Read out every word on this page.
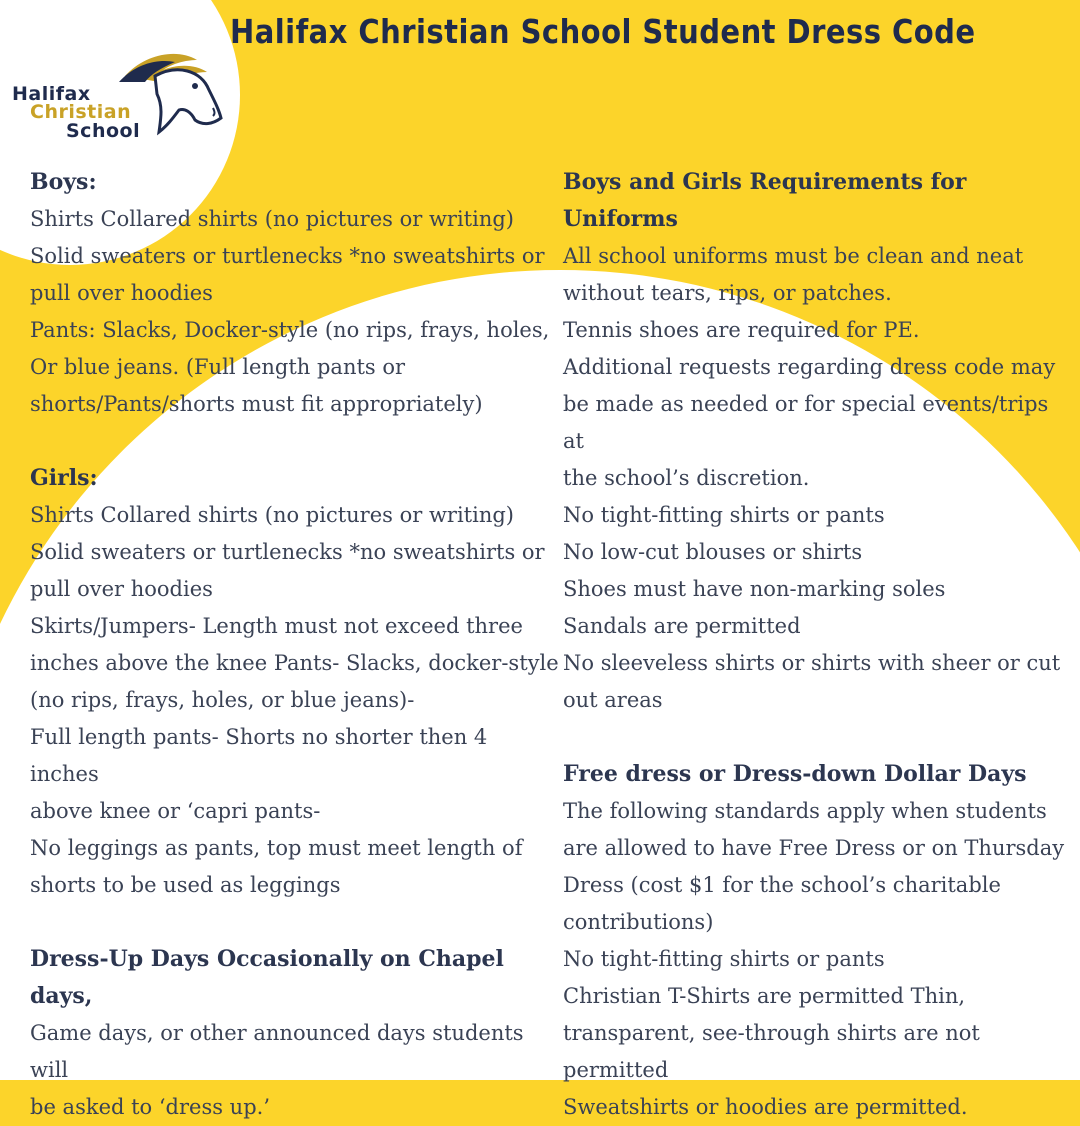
Halifax Christian School Student Dress Code
Halifax
Christian
School

Boys:

Shirts Collared shirts (no pictures or writing)

Solid sweaters or turtlenecks *no sweatshirts or

pull over hoodies

Pants: Slacks, Docker-style (no rips, frays, holes,

Or blue jeans. (Full length pants or

shorts/Pants/shorts must fit appropriately)

Girls:

Shirts Collared shirts (no pictures or writing)

Solid sweaters or turtlenecks *no sweatshirts or

pull over hoodies

Skirts/Jumpers- Length must not exceed three

inches above the knee Pants- Slacks, docker-style

(no rips, frays, holes, or blue jeans)-

Full length pants- Shorts no shorter then 4 inches

above knee or ‘capri pants-

No leggings as pants, top must meet length of

shorts to be used as leggings

Dress-Up Days Occasionally on Chapel days,

Game days, or other announced days students will

be asked to ‘dress up.’

Boys and Girls Requirements for Uniforms

All school uniforms must be clean and neat

without tears, rips, or patches.

Tennis shoes are required for PE.

Additional requests regarding dress code may

be made as needed or for special events/trips at

the school’s discretion.

No tight-fitting shirts or pants

No low-cut blouses or shirts

Shoes must have non-marking soles

Sandals are permitted

No sleeveless shirts or shirts with sheer or cut

out areas

Free dress or Dress-down Dollar Days

The following standards apply when students

are allowed to have Free Dress or on Thursday

Dress (cost $1 for the school’s charitable

contributions)

No tight-fitting shirts or pants

Christian T-Shirts are permitted Thin,

transparent, see-through shirts are not

permitted

Sweatshirts or hoodies are permitted.
